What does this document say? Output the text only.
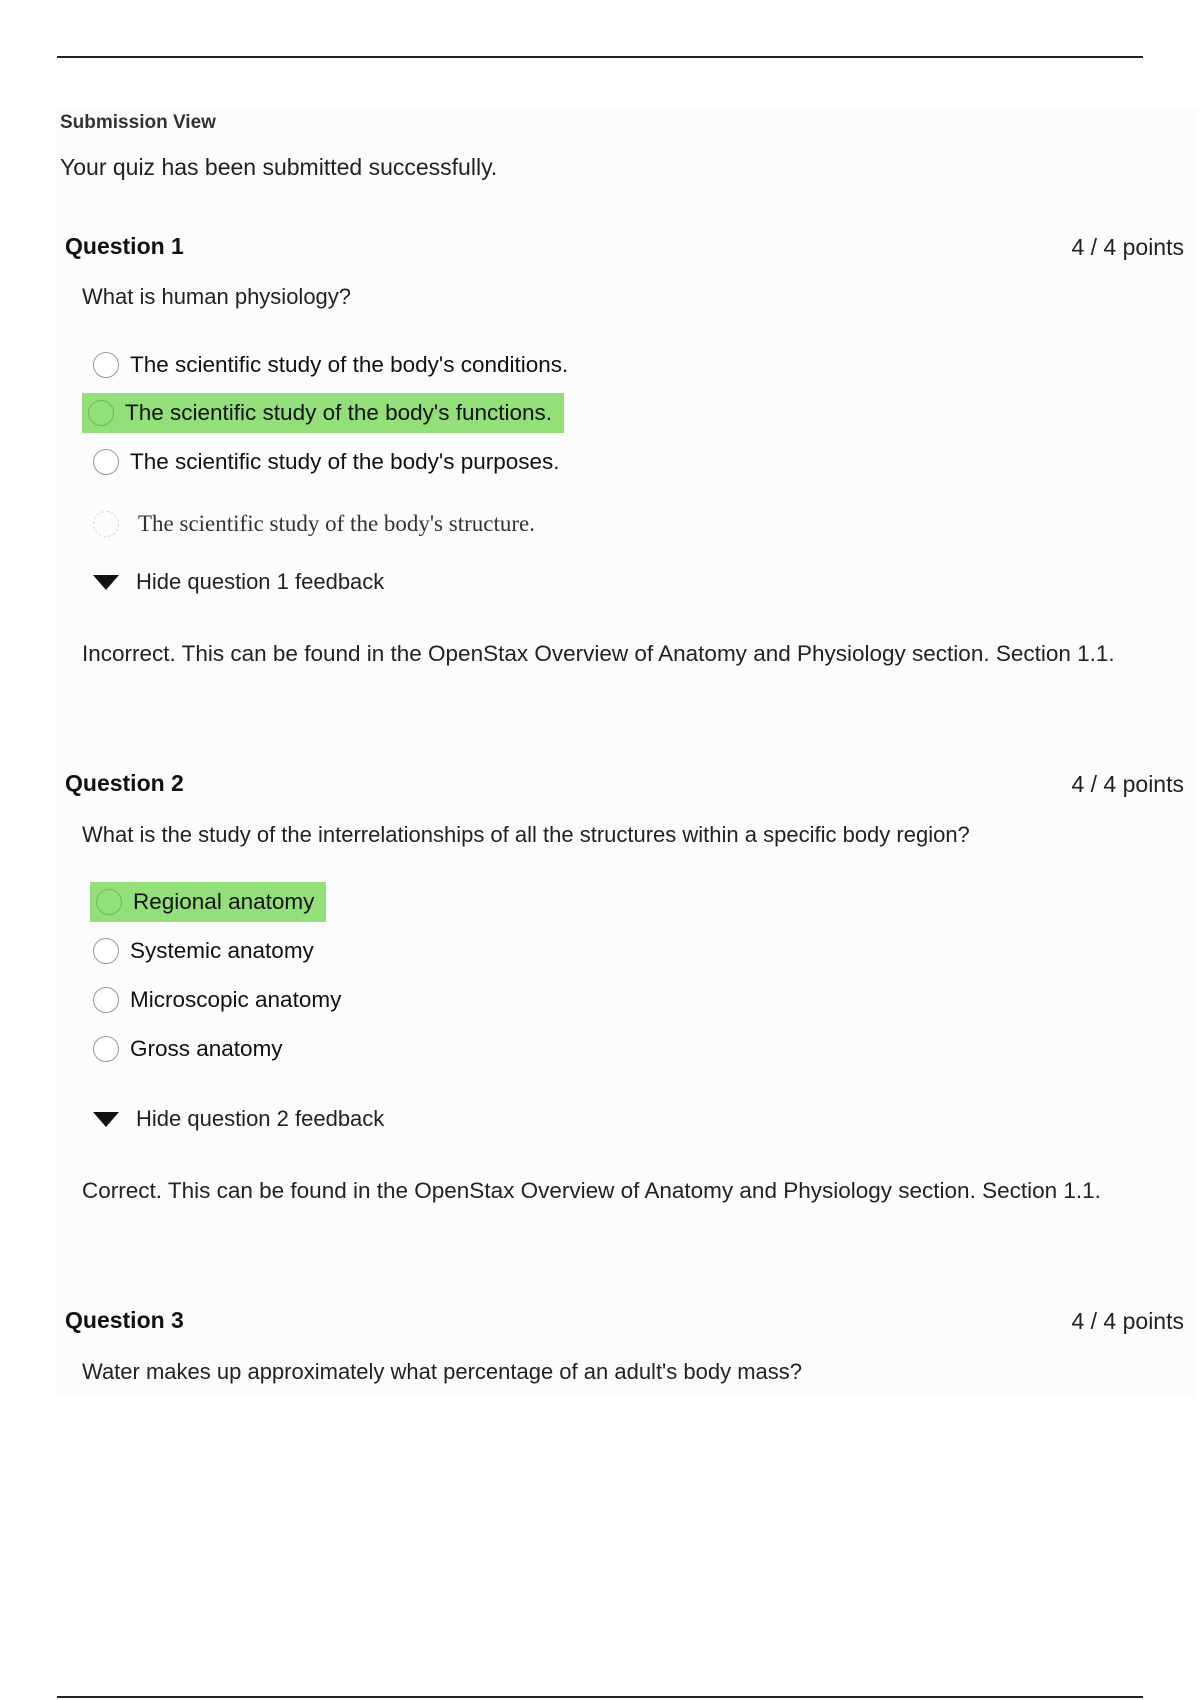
Submission View
Your quiz has been submitted successfully.
Question 1	4 / 4 points
What is human physiology?
The scientific study of the body's conditions.
The scientific study of the body's functions.
The scientific study of the body's purposes.
The scientific study of the body's structure.
Hide question 1 feedback
Incorrect. This can be found in the OpenStax Overview of Anatomy and Physiology section. Section 1.1.
Question 2	4 / 4 points
What is the study of the interrelationships of all the structures within a specific body region?
Regional anatomy
Systemic anatomy
Microscopic anatomy
Gross anatomy
Hide question 2 feedback
Correct. This can be found in the OpenStax Overview of Anatomy and Physiology section. Section 1.1.
Question 3	4 / 4 points
Water makes up approximately what percentage of an adult's body mass?
